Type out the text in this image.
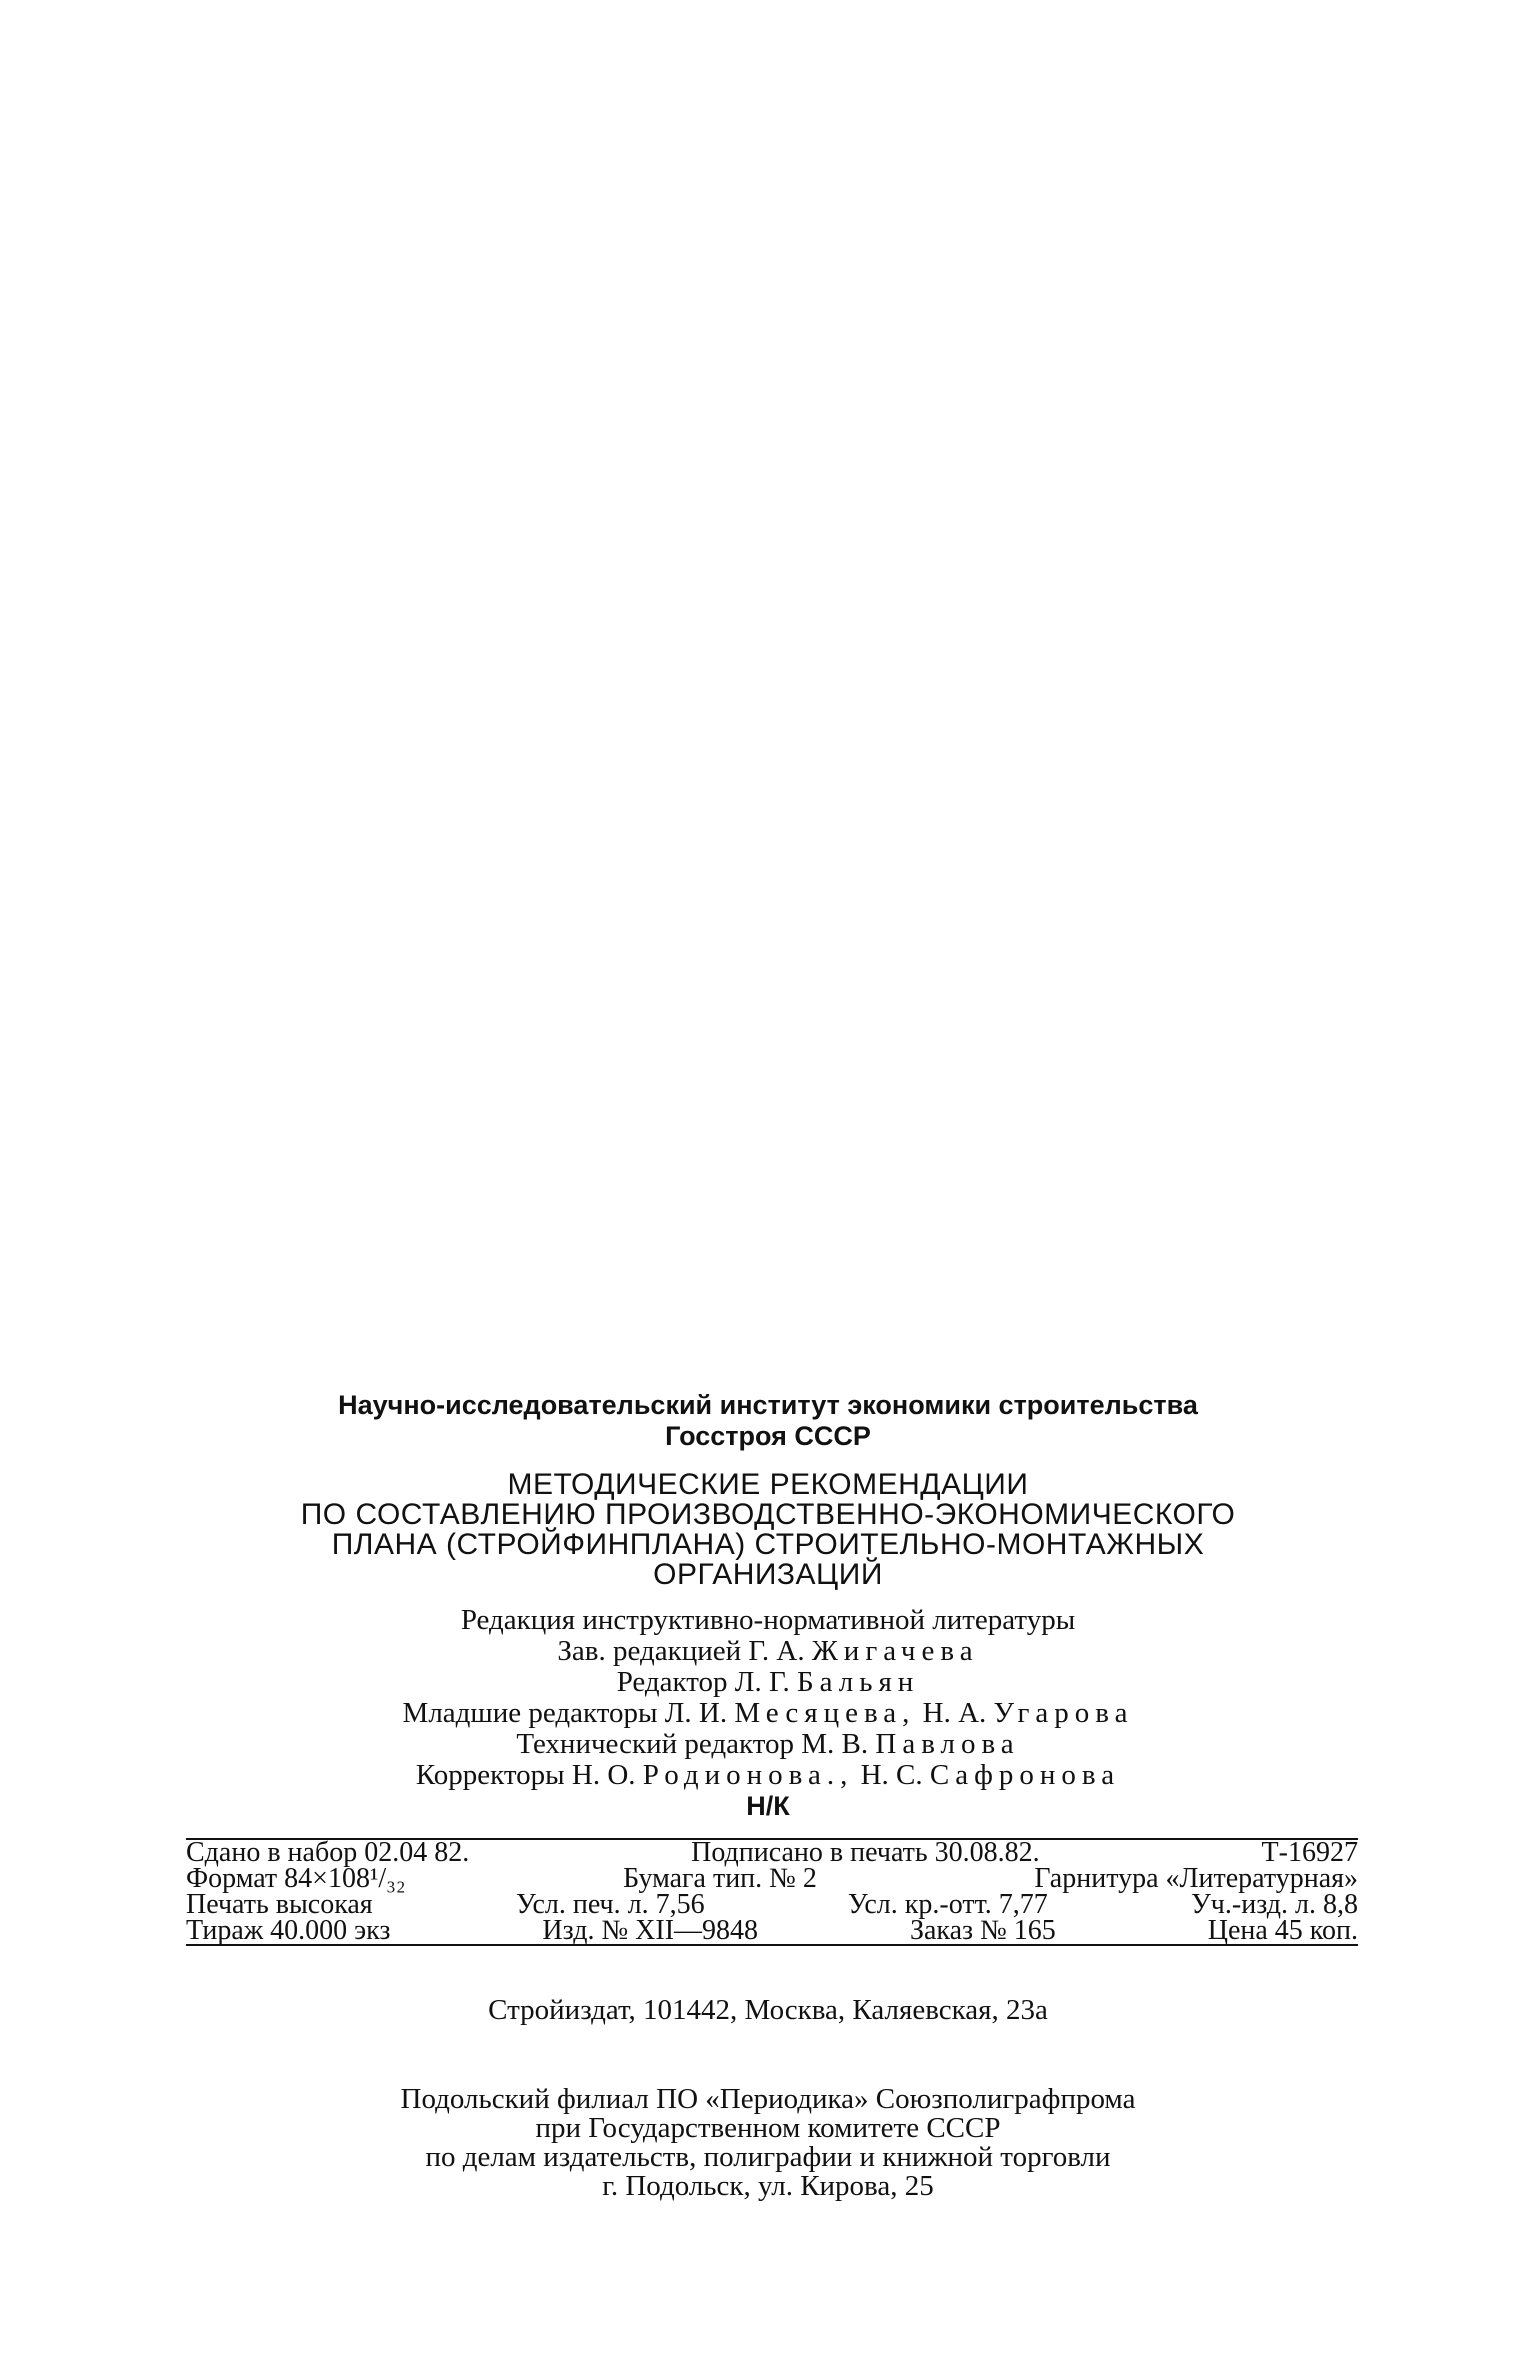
Научно-исследовательский институт экономики строительства
Госстроя СССР
МЕТОДИЧЕСКИЕ РЕКОМЕНДАЦИИ
ПО СОСТАВЛЕНИЮ ПРОИЗВОДСТВЕННО-ЭКОНОМИЧЕСКОГО
ПЛАНА (СТРОЙФИНПЛАНА) СТРОИТЕЛЬНО-МОНТАЖНЫХ
ОРГАНИЗАЦИЙ
Редакция инструктивно-нормативной литературы
Зав. редакцией Г. А. Жигачева
Редактор Л. Г. Бальян
Младшие редакторы Л. И. Месяцева, Н. А. Угарова
Технический редактор М. В. Павлова
Корректоры Н. О. Родионова., Н. С. Сафронова
Н/К
Сдано в набор 02.04 82.	Подписано в печать 30.08.82.	Т-16927
Формат 84×108¹/₃₂	Бумага тип. № 2	Гарнитура «Литературная»
Печать высокая	Усл. печ. л. 7,56	Усл. кр.-отт. 7,77	Уч.-изд. л. 8,8
Тираж 40.000 экз	Изд. № XII—9848	Заказ № 165	Цена 45 коп.
Стройиздат, 101442, Москва, Каляевская, 23а
Подольский филиал ПО «Периодика» Союзполиграфпрома
при Государственном комитете СССР
по делам издательств, полиграфии и книжной торговли
г. Подольск, ул. Кирова, 25
